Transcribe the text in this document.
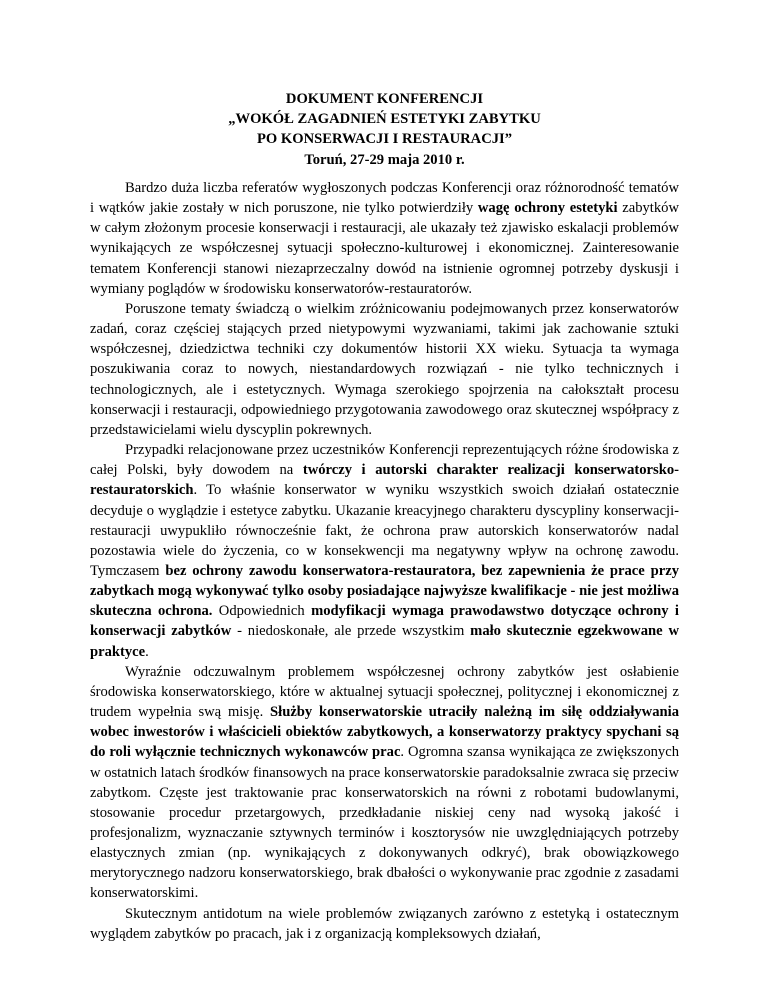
DOKUMENT KONFERENCJI
„WOKÓŁ ZAGADNIEŃ ESTETYKI ZABYTKU
PO KONSERWACJI I RESTAURACJI”
Toruń, 27-29 maja 2010 r.

Bardzo duża liczba referatów wygłoszonych podczas Konferencji oraz różnorodność tematów i wątków jakie zostały w nich poruszone, nie tylko potwierdziły wagę ochrony estetyki zabytków w całym złożonym procesie konserwacji i restauracji, ale ukazały też zjawisko eskalacji problemów wynikających ze współczesnej sytuacji społeczno-kulturowej i ekonomicznej. Zainteresowanie tematem Konferencji stanowi niezaprzeczalny dowód na istnienie ogromnej potrzeby dyskusji i wymiany poglądów w środowisku konserwatorów-restauratorów.

Poruszone tematy świadczą o wielkim zróżnicowaniu podejmowanych przez konserwatorów zadań, coraz częściej stających przed nietypowymi wyzwaniami, takimi jak zachowanie sztuki współczesnej, dziedzictwa techniki czy dokumentów historii XX wieku. Sytuacja ta wymaga poszukiwania coraz to nowych, niestandardowych rozwiązań - nie tylko technicznych i technologicznych, ale i estetycznych. Wymaga szerokiego spojrzenia na całokształt procesu konserwacji i restauracji, odpowiedniego przygotowania zawodowego oraz skutecznej współpracy z przedstawicielami wielu dyscyplin pokrewnych.

Przypadki relacjonowane przez uczestników Konferencji reprezentujących różne środowiska z całej Polski, były dowodem na twórczy i autorski charakter realizacji konserwatorsko-restauratorskich. To właśnie konserwator w wyniku wszystkich swoich działań ostatecznie decyduje o wyglądzie i estetyce zabytku. Ukazanie kreacyjnego charakteru dyscypliny konserwacji-restauracji uwypukliło równocześnie fakt, że ochrona praw autorskich konserwatorów nadal pozostawia wiele do życzenia, co w konsekwencji ma negatywny wpływ na ochronę zawodu. Tymczasem bez ochrony zawodu konserwatora-restauratora, bez zapewnienia że prace przy zabytkach mogą wykonywać tylko osoby posiadające najwyższe kwalifikacje - nie jest możliwa skuteczna ochrona. Odpowiednich modyfikacji wymaga prawodawstwo dotyczące ochrony i konserwacji zabytków - niedoskonałe, ale przede wszystkim mało skutecznie egzekwowane w praktyce.

Wyraźnie odczuwalnym problemem współczesnej ochrony zabytków jest osłabienie środowiska konserwatorskiego, które w aktualnej sytuacji społecznej, politycznej i ekonomicznej z trudem wypełnia swą misję. Służby konserwatorskie utraciły należną im siłę oddziaływania wobec inwestorów i właścicieli obiektów zabytkowych, a konserwatorzy praktycy spychani są do roli wyłącznie technicznych wykonawców prac. Ogromna szansa wynikająca ze zwiększonych w ostatnich latach środków finansowych na prace konserwatorskie paradoksalnie zwraca się przeciw zabytkom. Częste jest traktowanie prac konserwatorskich na równi z robotami budowlanymi, stosowanie procedur przetargowych, przedkładanie niskiej ceny nad wysoką jakość i profesjonalizm, wyznaczanie sztywnych terminów i kosztorysów nie uwzględniających potrzeby elastycznych zmian (np. wynikających z dokonywanych odkryć), brak obowiązkowego merytorycznego nadzoru konserwatorskiego, brak dbałości o wykonywanie prac zgodnie z zasadami konserwatorskimi.

Skutecznym antidotum na wiele problemów związanych zarówno z estetyką i ostatecznym wyglądem zabytków po pracach, jak i z organizacją kompleksowych działań,
